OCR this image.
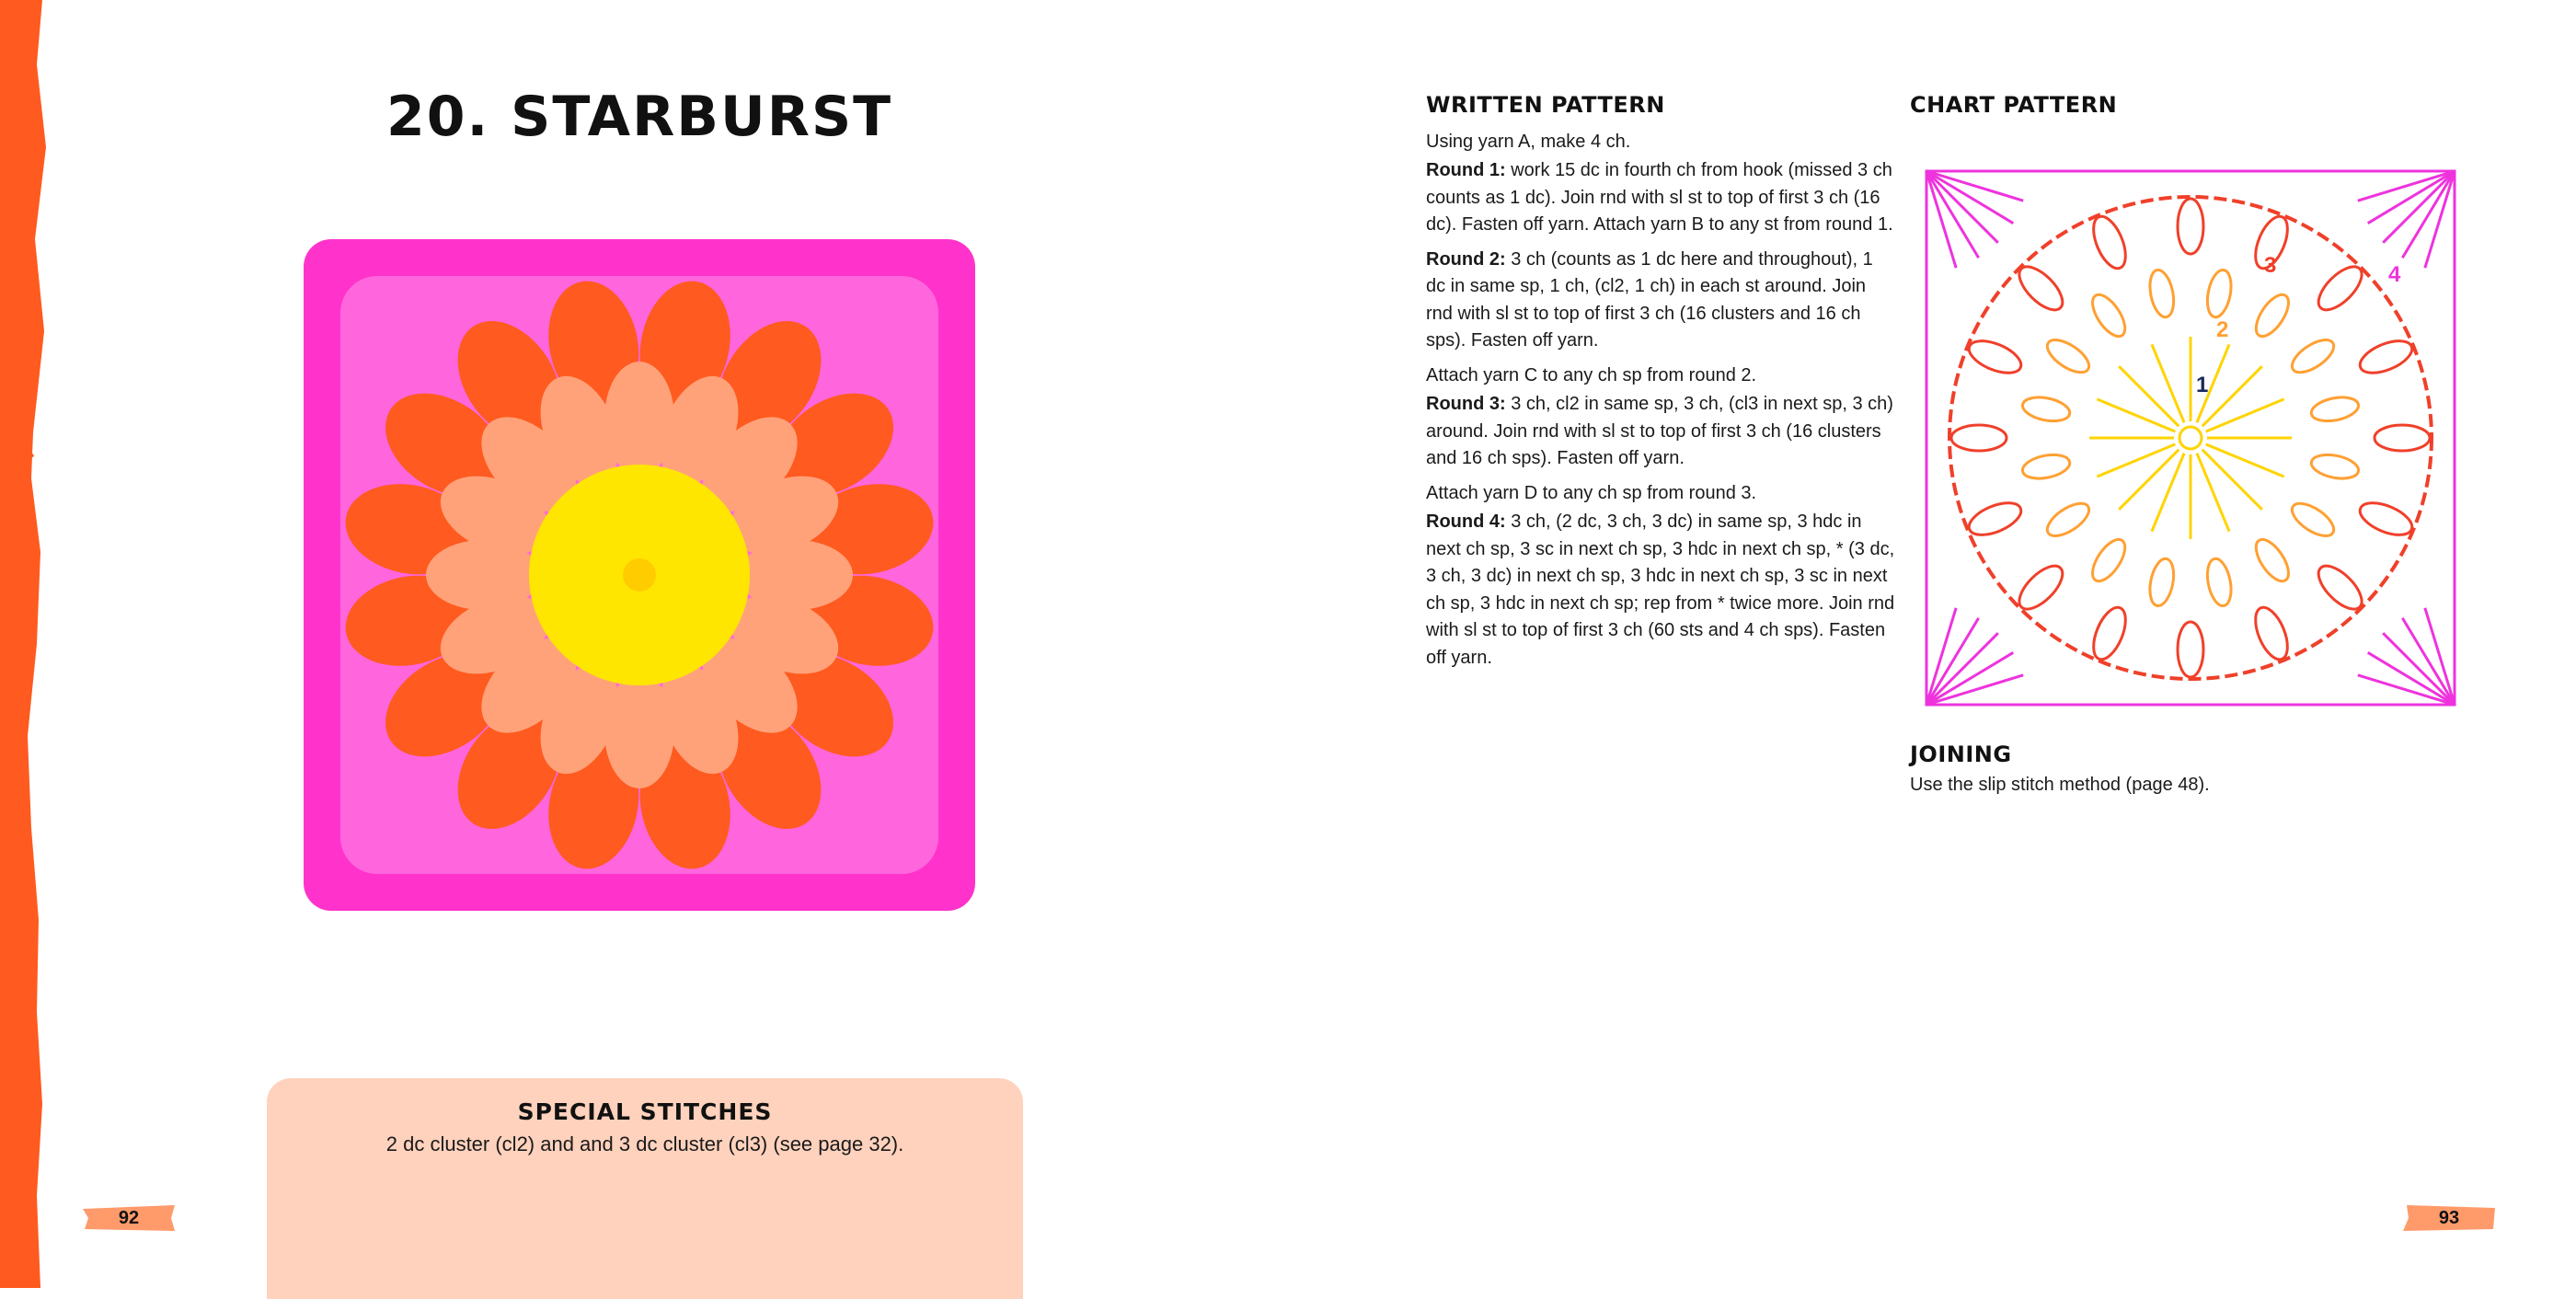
20. STARBURST
SPECIAL STITCHES
2 dc cluster (cl2) and and 3 dc cluster (cl3) (see page 32).
92	93
WRITTEN PATTERN

Using yarn A, make 4 ch.

Round 1: work 15 dc in fourth ch from hook (missed 3 ch counts as 1 dc). Join rnd with sl st to top of first 3 ch (16 dc). Fasten off yarn. Attach yarn B to any st from round 1.

Round 2: 3 ch (counts as 1 dc here and throughout), 1 dc in same sp, 1 ch, (cl2, 1 ch) in each st around. Join rnd with sl st to top of first 3 ch (16 clusters and 16 ch sps). Fasten off yarn.

Attach yarn C to any ch sp from round 2.

Round 3: 3 ch, cl2 in same sp, 3 ch, (cl3 in next sp, 3 ch) around. Join rnd with sl st to top of first 3 ch (16 clusters and 16 ch sps). Fasten off yarn.

Attach yarn D to any ch sp from round 3.

Round 4: 3 ch, (2 dc, 3 ch, 3 dc) in same sp, 3 hdc in next ch sp, 3 sc in next ch sp, 3 hdc in next ch sp, * (3 dc, 3 ch, 3 dc) in next ch sp, 3 hdc in next ch sp, 3 sc in next ch sp, 3 hdc in next ch sp; rep from * twice more. Join rnd with sl st to top of first 3 ch (60 sts and 4 ch sps). Fasten off yarn.

CHART PATTERN
1
2
3	4
JOINING

Use the slip stitch method (page 48).
